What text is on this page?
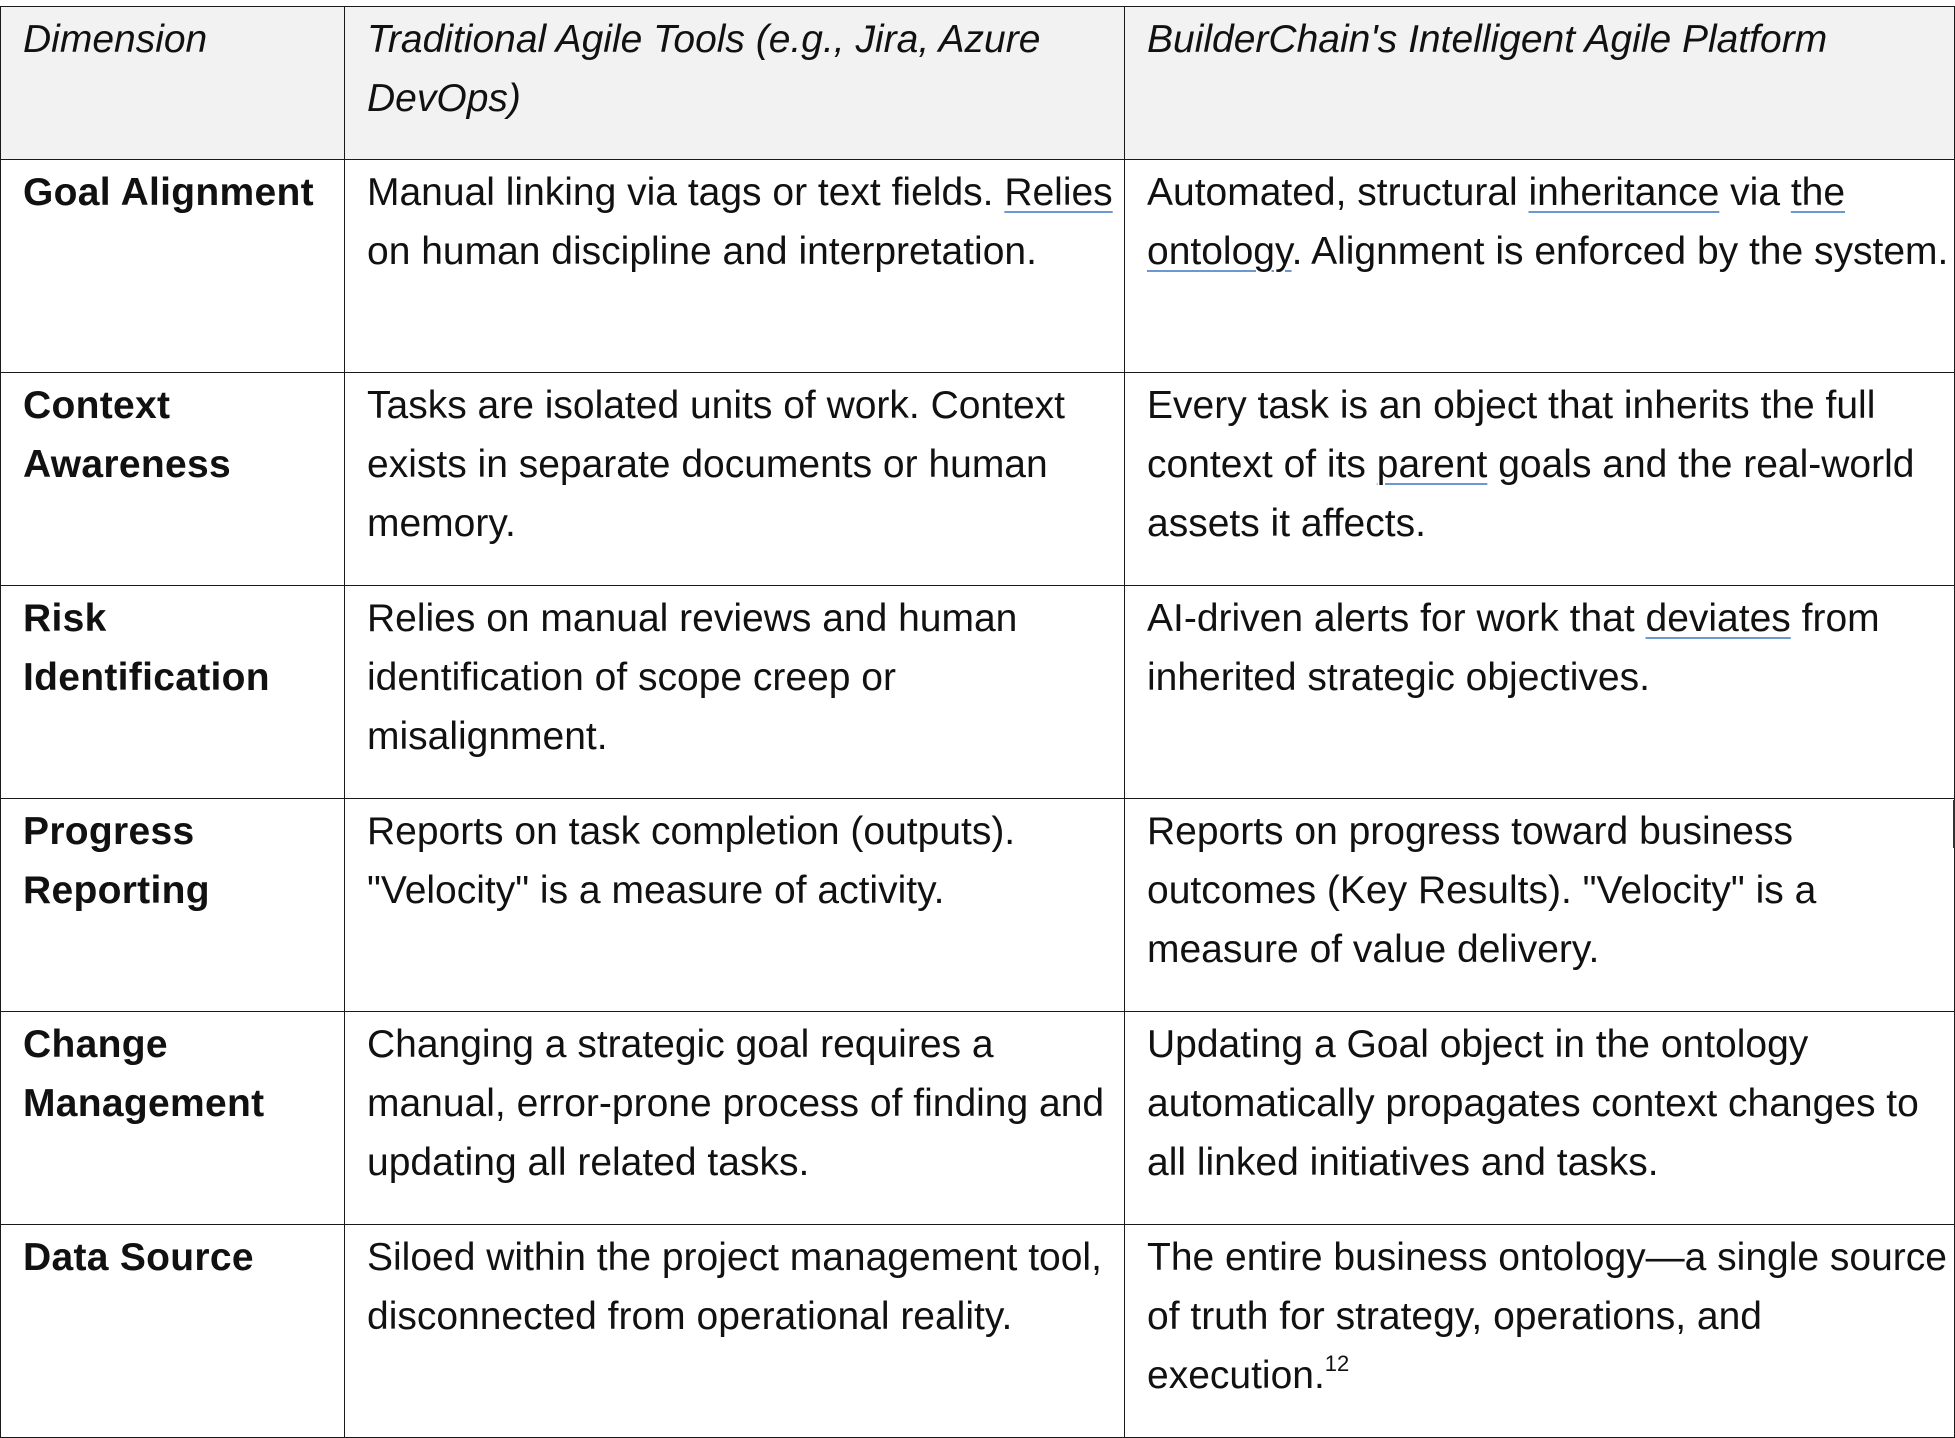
Dimension	Traditional Agile Tools (e.g., Jira, Azure DevOps)	BuilderChain's Intelligent Agile Platform
Goal Alignment	Manual linking via tags or text fields. Relies on human discipline and interpretation.	Automated, structural inheritance via the ontology. Alignment is enforced by the system.
Context Awareness	Tasks are isolated units of work. Context exists in separate documents or human memory.	Every task is an object that inherits the full context of its parent goals and the real-world assets it affects.
Risk Identification	Relies on manual reviews and human identification of scope creep or misalignment.	AI-driven alerts for work that deviates from inherited strategic objectives.
Progress Reporting	Reports on task completion (outputs). "Velocity" is a measure of activity.	Reports on progress toward business outcomes (Key Results). "Velocity" is a measure of value delivery.
Change Management	Changing a strategic goal requires a manual, error-prone process of finding and updating all related tasks.	Updating a Goal object in the ontology automatically propagates context changes to all linked initiatives and tasks.
Data Source	Siloed within the project management tool, disconnected from operational reality.	The entire business ontology—a single source of truth for strategy, operations, and execution.$^{12}$
